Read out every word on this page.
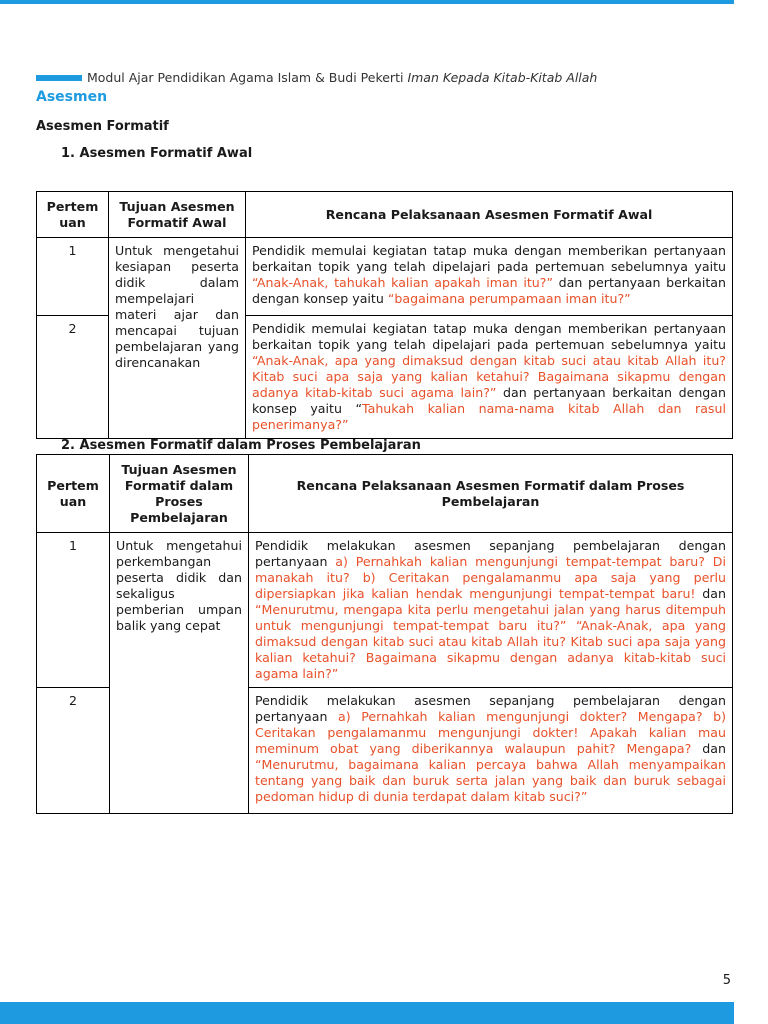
Modul Ajar Pendidikan Agama Islam & Budi Pekerti Iman Kepada Kitab-Kitab Allah
Asesmen
Asesmen Formatif
1. Asesmen Formatif Awal
Pertem uan	Tujuan Asesmen Formatif Awal	Rencana Pelaksanaan Asesmen Formatif Awal
1	Untuk mengetahui kesiapan peserta didik dalam mempelajari materi ajar dan mencapai tujuan pembelajaran yang direncanakan	Pendidik memulai kegiatan tatap muka dengan memberikan pertanyaan berkaitan topik yang telah dipelajari pada pertemuan sebelumnya yaitu “Anak-Anak, tahukah kalian apakah iman itu?” dan pertanyaan berkaitan dengan konsep yaitu “bagaimana perumpamaan iman itu?”
2		Pendidik memulai kegiatan tatap muka dengan memberikan pertanyaan berkaitan topik yang telah dipelajari pada pertemuan sebelumnya yaitu “Anak-Anak, apa yang dimaksud dengan kitab suci atau kitab Allah itu? Kitab suci apa saja yang kalian ketahui? Bagaimana sikapmu dengan adanya kitab-kitab suci agama lain?” dan pertanyaan berkaitan dengan konsep yaitu “Tahukah kalian nama-nama kitab Allah dan rasul penerimanya?”
2. Asesmen Formatif dalam Proses Pembelajaran
Pertem uan	Tujuan Asesmen Formatif dalam Proses Pembelajaran	Rencana Pelaksanaan Asesmen Formatif dalam Proses Pembelajaran
1	Untuk mengetahui perkembangan peserta didik dan sekaligus pemberian umpan balik yang cepat	Pendidik melakukan asesmen sepanjang pembelajaran dengan pertanyaan a) Pernahkah kalian mengunjungi tempat-tempat baru? Di manakah itu? b) Ceritakan pengalamanmu apa saja yang perlu dipersiapkan jika kalian hendak mengunjungi tempat-tempat baru! dan “Menurutmu, mengapa kita perlu mengetahui jalan yang harus ditempuh untuk mengunjungi tempat-tempat baru itu?” “Anak-Anak, apa yang dimaksud dengan kitab suci atau kitab Allah itu? Kitab suci apa saja yang kalian ketahui? Bagaimana sikapmu dengan adanya kitab-kitab suci agama lain?”
2		Pendidik melakukan asesmen sepanjang pembelajaran dengan pertanyaan a) Pernahkah kalian mengunjungi dokter? Mengapa? b) Ceritakan pengalamanmu mengunjungi dokter! Apakah kalian mau meminum obat yang diberikannya walaupun pahit? Mengapa? dan “Menurutmu, bagaimana kalian percaya bahwa Allah menyampaikan tentang yang baik dan buruk serta jalan yang baik dan buruk sebagai pedoman hidup di dunia terdapat dalam kitab suci?”
5
